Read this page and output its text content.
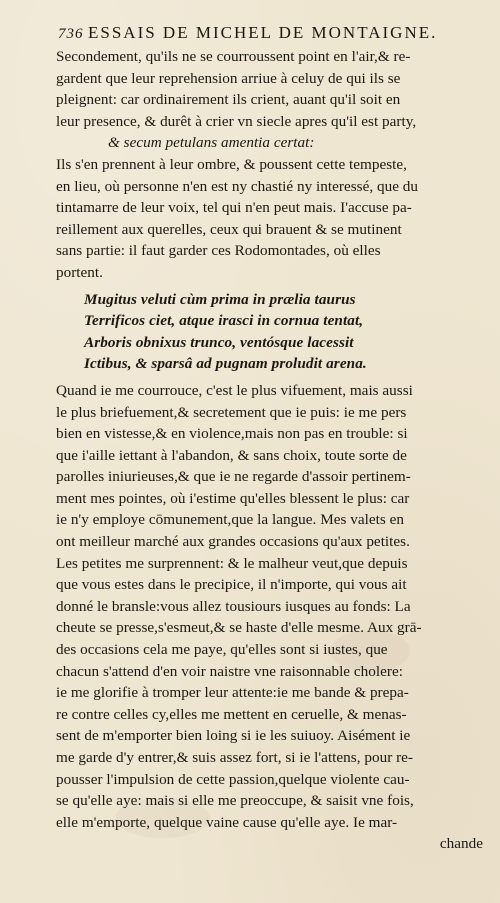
736 ESSAIS DE MICHEL DE MONTAIGNE.
Secondement, qu'ils ne se courroussent point en l'air,& re-
gardent que leur reprehension arriue à celuy de qui ils se
pleignent: car ordinairement ils crient, auant qu'il soit en
leur presence, & durêt à crier vn siecle apres qu'il est party,
& secum petulans amentia certat:
Ils s'en prennent à leur ombre, & poussent cette tempeste,
en lieu, où personne n'en est ny chastié ny interessé, que du
tintamarre de leur voix, tel qui n'en peut mais. I'accuse pa-
reillement aux querelles, ceux qui brauent & se mutinent
sans partie: il faut garder ces Rodomontades, où elles
portent.
Mugitus veluti cùm prima in prælia taurus
Terrificos ciet, atque irasci in cornua tentat,
Arboris obnixus trunco, ventósque lacessit
Ictibus, & sparsâ ad pugnam proludit arena.
Quand ie me courrouce, c'est le plus vifuement, mais aussi
le plus briefuement,& secretement que ie puis: ie me pers
bien en vistesse,& en violence,mais non pas en trouble: si
que i'aille iettant à l'abandon, & sans choix, toute sorte de
parolles iniurieuses,& que ie ne regarde d'assoir pertinem-
ment mes pointes, où i'estime qu'elles blessent le plus: car
ie n'y employe cōmunement,que la langue. Mes valets en
ont meilleur marché aux grandes occasions qu'aux petites.
Les petites me surprennent: & le malheur veut,que depuis
que vous estes dans le precipice, il n'importe, qui vous ait
donné le bransle:vous allez tousiours iusques au fonds: La
cheute se presse,s'esmeut,& se haste d'elle mesme. Aux grā-
des occasions cela me paye, qu'elles sont si iustes, que
chacun s'attend d'en voir naistre vne raisonnable cholere:
ie me glorifie à tromper leur attente:ie me bande & prepa-
re contre celles cy,elles me mettent en ceruelle, & menas-
sent de m'emporter bien loing si ie les suiuoy. Aisément ie
me garde d'y entrer,& suis assez fort, si ie l'attens, pour re-
pousser l'impulsion de cette passion,quelque violente cau-
se qu'elle aye: mais si elle me preoccupe, & saisit vne fois,
elle m'emporte, quelque vaine cause qu'elle aye. Ie mar-
chande
